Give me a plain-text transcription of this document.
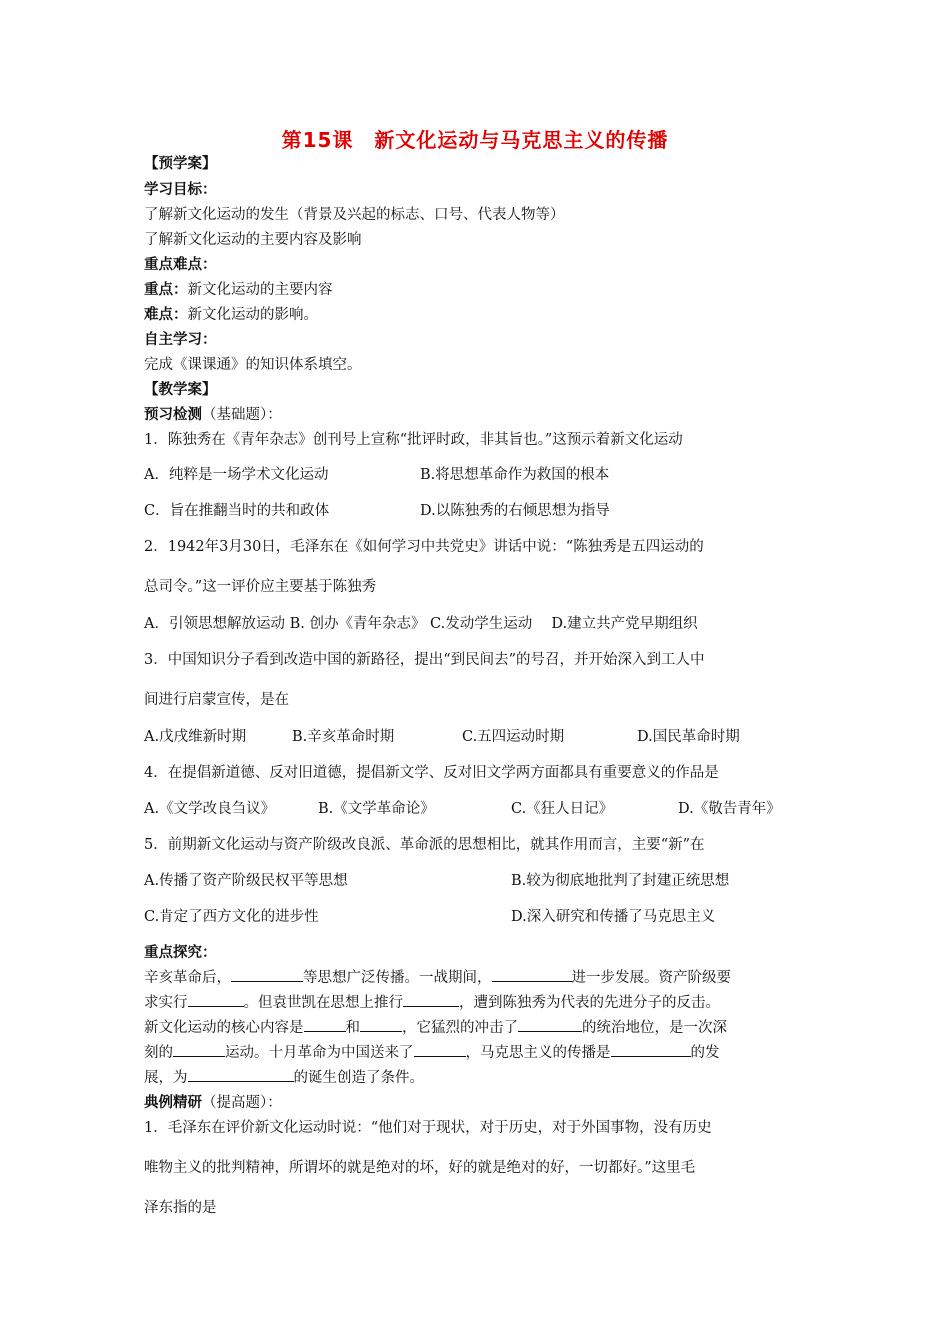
第15课　新文化运动与马克思主义的传播
【预学案】
学习目标：
了解新文化运动的发生（背景及兴起的标志、口号、代表人物等）
了解新文化运动的主要内容及影响
重点难点：
重点：新文化运动的主要内容
难点：新文化运动的影响。
自主学习：
完成《课课通》的知识体系填空。
【教学案】
预习检测（基础题）：
1．陈独秀在《青年杂志》创刊号上宣称“批评时政，非其旨也。”这预示着新文化运动
A．纯粹是一场学术文化运动	B.将思想革命作为救国的根本
C．旨在推翻当时的共和政体	D.以陈独秀的右倾思想为指导
2．1942年3月30日，毛泽东在《如何学习中共党史》讲话中说：“陈独秀是五四运动的
总司令。”这一评价应主要基于陈独秀
A．引领思想解放运动 B. 创办《青年杂志》 C.发动学生运动　 D.建立共产党早期组织
3．中国知识分子看到改造中国的新路径，提出“到民间去”的号召，并开始深入到工人中
间进行启蒙宣传，是在
A.戊戌维新时期	B.辛亥革命时期	C.五四运动时期	D.国民革命时期
4．在提倡新道德、反对旧道德，提倡新文学、反对旧文学两方面都具有重要意义的作品是
A.《文学改良刍议》	B.《文学革命论》	C.《狂人日记》	D.《敬告青年》
5．前期新文化运动与资产阶级改良派、革命派的思想相比，就其作用而言，主要“新”在
A.传播了资产阶级民权平等思想	B.较为彻底地批判了封建正统思想
C.肯定了西方文化的进步性	D.深入研究和传播了马克思主义
重点探究：
辛亥革命后，	等思想广泛传播。一战期间，	进一步发展。资产阶级要
求实行	。但袁世凯在思想上推行	，遭到陈独秀为代表的先进分子的反击。
新文化运动的核心内容是	和	，它猛烈的冲击了	的统治地位，是一次深
刻的	运动。十月革命为中国送来了	，马克思主义的传播是	的发
展，为	的诞生创造了条件。
典例精研（提高题）：
1．毛泽东在评价新文化运动时说：“他们对于现状，对于历史，对于外国事物，没有历史
唯物主义的批判精神，所谓坏的就是绝对的坏，好的就是绝对的好，一切都好。”这里毛
泽东指的是
